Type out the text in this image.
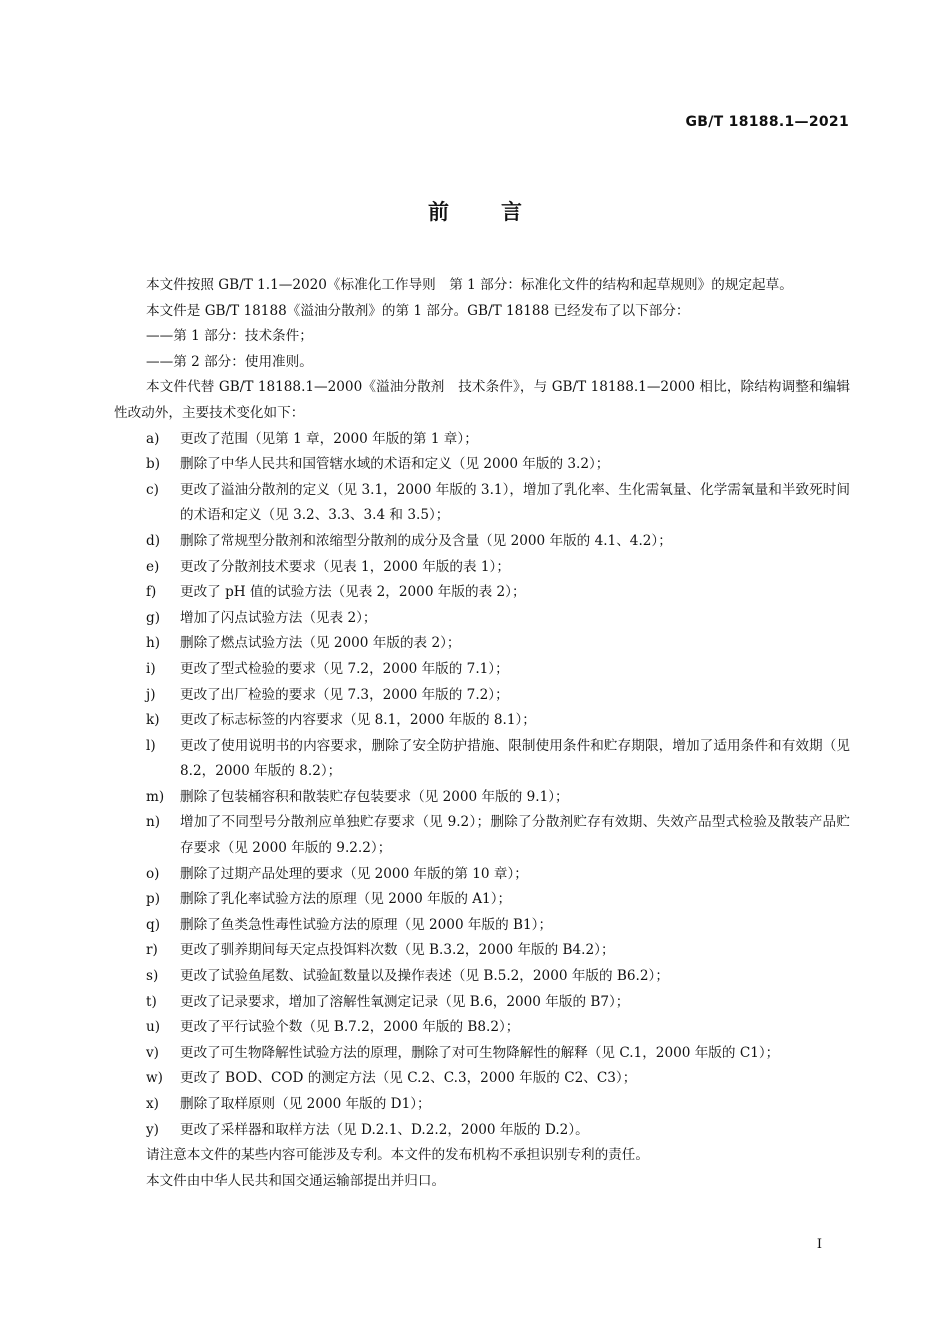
GB/T 18188.1—2021
前言

本文件按照 GB/T 1.1—2020《标准化工作导则　第 1 部分：标准化文件的结构和起草规则》的规定起草。

本文件是 GB/T 18188《溢油分散剂》的第 1 部分。GB/T 18188 已经发布了以下部分：

——第 1 部分：技术条件；

——第 2 部分：使用准则。

本文件代替 GB/T 18188.1—2000《溢油分散剂　技术条件》，与 GB/T 18188.1—2000 相比，除结构调整和编辑性改动外，主要技术变化如下：

a)	更改了范围（见第 1 章，2000 年版的第 1 章）；
b)	删除了中华人民共和国管辖水域的术语和定义（见 2000 年版的 3.2）；
c)	更改了溢油分散剂的定义（见 3.1，2000 年版的 3.1），增加了乳化率、生化需氧量、化学需氧量和半致死时间的术语和定义（见 3.2、3.3、3.4 和 3.5）；
d)	删除了常规型分散剂和浓缩型分散剂的成分及含量（见 2000 年版的 4.1、4.2）；
e)	更改了分散剂技术要求（见表 1，2000 年版的表 1）；
f)	更改了 pH 值的试验方法（见表 2，2000 年版的表 2）；
g)	增加了闪点试验方法（见表 2）；
h)	删除了燃点试验方法（见 2000 年版的表 2）；
i)	更改了型式检验的要求（见 7.2，2000 年版的 7.1）；
j)	更改了出厂检验的要求（见 7.3，2000 年版的 7.2）；
k)	更改了标志标签的内容要求（见 8.1，2000 年版的 8.1）；
l)	更改了使用说明书的内容要求，删除了安全防护措施、限制使用条件和贮存期限，增加了适用条件和有效期（见 8.2，2000 年版的 8.2）；
m)	删除了包装桶容积和散装贮存包装要求（见 2000 年版的 9.1）；
n)	增加了不同型号分散剂应单独贮存要求（见 9.2）；删除了分散剂贮存有效期、失效产品型式检验及散装产品贮存要求（见 2000 年版的 9.2.2）；
o)	删除了过期产品处理的要求（见 2000 年版的第 10 章）；
p)	删除了乳化率试验方法的原理（见 2000 年版的 A1）；
q)	删除了鱼类急性毒性试验方法的原理（见 2000 年版的 B1）；
r)	更改了驯养期间每天定点投饵料次数（见 B.3.2，2000 年版的 B4.2）；
s)	更改了试验鱼尾数、试验缸数量以及操作表述（见 B.5.2，2000 年版的 B6.2）；
t)	更改了记录要求，增加了溶解性氧测定记录（见 B.6，2000 年版的 B7）；
u)	更改了平行试验个数（见 B.7.2，2000 年版的 B8.2）；
v)	更改了可生物降解性试验方法的原理，删除了对可生物降解性的解释（见 C.1，2000 年版的 C1）；
w)	更改了 BOD、COD 的测定方法（见 C.2、C.3，2000 年版的 C2、C3）；
x)	删除了取样原则（见 2000 年版的 D1）；
y)	更改了采样器和取样方法（见 D.2.1、D.2.2，2000 年版的 D.2）。

请注意本文件的某些内容可能涉及专利。本文件的发布机构不承担识别专利的责任。

本文件由中华人民共和国交通运输部提出并归口。

I
